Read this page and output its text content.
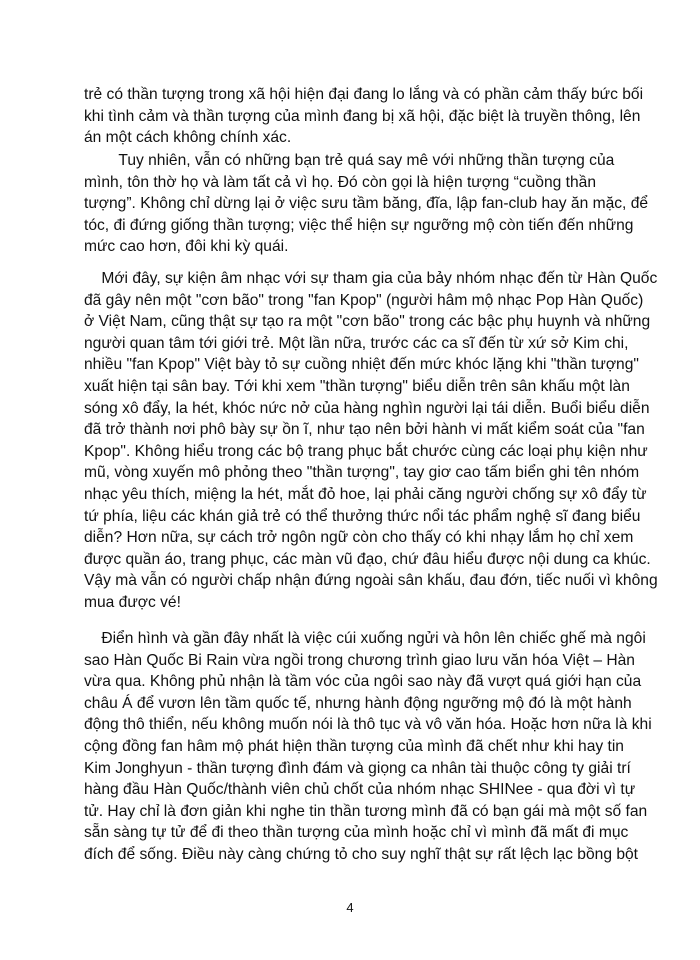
trẻ có thần tượng trong xã hội hiện đại đang lo lắng và có phần cảm thấy bức bối
khi tình cảm và thần tượng của mình đang bị xã hội, đặc biệt là truyền thông, lên
án một cách không chính xác.
Tuy nhiên, vẫn có những bạn trẻ quá say mê với những thần tượng của
mình, tôn thờ họ và làm tất cả vì họ. Đó còn gọi là hiện tượng “cuồng thần
tượng”. Không chỉ dừng lại ở việc sưu tầm băng, đĩa, lập fan-club hay ăn mặc, để
tóc, đi đứng giống thần tượng; việc thể hiện sự ngưỡng mộ còn tiến đến những
mức cao hơn, đôi khi kỳ quái.
Mới đây, sự kiện âm nhạc với sự tham gia của bảy nhóm nhạc đến từ Hàn Quốc
đã gây nên một "cơn bão" trong "fan Kpop" (người hâm mộ nhạc Pop Hàn Quốc)
ở Việt Nam, cũng thật sự tạo ra một "cơn bão" trong các bậc phụ huynh và những
người quan tâm tới giới trẻ. Một lần nữa, trước các ca sĩ đến từ xứ sở Kim chi,
nhiều "fan Kpop" Việt bày tỏ sự cuồng nhiệt đến mức khóc lặng khi "thần tượng"
xuất hiện tại sân bay. Tới khi xem "thần tượng" biểu diễn trên sân khấu một làn
sóng xô đẩy, la hét, khóc nức nở của hàng nghìn người lại tái diễn. Buổi biểu diễn
đã trở thành nơi phô bày sự ồn ĩ, như tạo nên bởi hành vi mất kiểm soát của "fan
Kpop". Không hiểu trong các bộ trang phục bắt chước cùng các loại phụ kiện như
mũ, vòng xuyến mô phỏng theo "thần tượng", tay giơ cao tấm biển ghi tên nhóm
nhạc yêu thích, miệng la hét, mắt đỏ hoe, lại phải căng người chống sự xô đẩy từ
tứ phía, liệu các khán giả trẻ có thể thưởng thức nổi tác phẩm nghệ sĩ đang biểu
diễn? Hơn nữa, sự cách trở ngôn ngữ còn cho thấy có khi nhạy lắm họ chỉ xem
được quần áo, trang phục, các màn vũ đạo, chứ đâu hiểu được nội dung ca khúc.
Vậy mà vẫn có người chấp nhận đứng ngoài sân khấu, đau đớn, tiếc nuối vì không
mua được vé!
Điển hình và gần đây nhất là việc cúi xuống ngửi và hôn lên chiếc ghế mà ngôi
sao Hàn Quốc Bi Rain vừa ngồi trong chương trình giao lưu văn hóa Việt – Hàn
vừa qua. Không phủ nhận là tầm vóc của ngôi sao này đã vượt quá giới hạn của
châu Á để vươn lên tầm quốc tế, nhưng hành động ngưỡng mộ đó là một hành
động thô thiển, nếu không muốn nói là thô tục và vô văn hóa. Hoặc hơn nữa là khi
cộng đồng fan hâm mộ phát hiện thần tượng của mình đã chết như khi hay tin
Kim Jonghyun - thần tượng đình đám và giọng ca nhân tài thuộc công ty giải trí
hàng đầu Hàn Quốc/thành viên chủ chốt của nhóm nhạc SHINee - qua đời vì tự
tử. Hay chỉ là đơn giản khi nghe tin thần tương mình đã có bạn gái mà một số fan
sẵn sàng tự tử để đi theo thần tượng của mình hoặc chỉ vì mình đã mất đi mục
đích để sống. Điều này càng chứng tỏ cho suy nghĩ thật sự rất lệch lạc bồng bột
4
